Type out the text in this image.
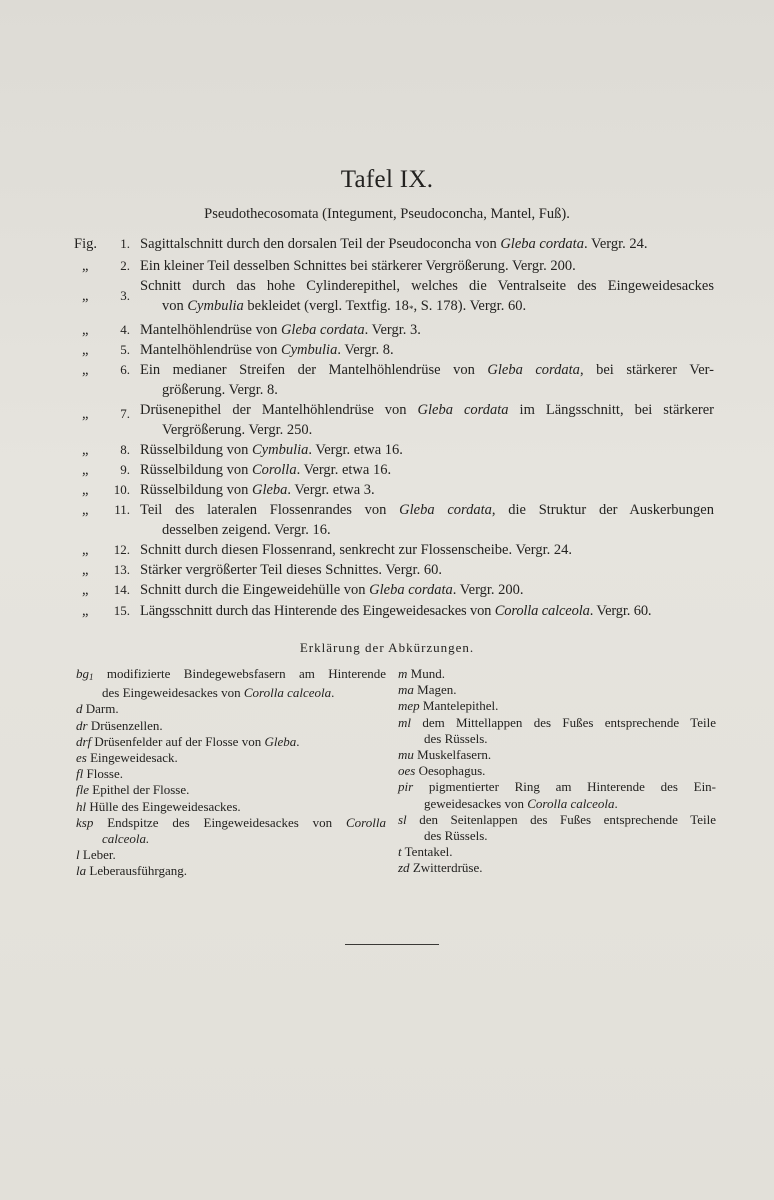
Tafel IX.
Pseudothecosomata (Integument, Pseudoconcha, Mantel, Fuß).
Fig.	1. Sagittalschnitt durch den dorsalen Teil der Pseudoconcha von Gleba cordata. Vergr. 24.
„	2. Ein kleiner Teil desselben Schnittes bei stärkerer Vergrößerung. Vergr. 200.
„	3.
Schnitt durch das hohe Cylinderepithel, welches die Ventralseite des Eingeweidesackes
von Cymbulia bekleidet (vergl. Textfig. $18_*$, S. 178). Vergr. 60.
„	4. Mantelhöhlendrüse von Gleba cordata. Vergr. 3.
„	5. Mantelhöhlendrüse von Cymbulia. Vergr. 8.
„	6. Ein medianer Streifen der Mantelhöhlendrüse von Gleba cordata, bei stärkerer Ver-
größerung. Vergr. 8.
„	7. Drüsenepithel der Mantelhöhlendrüse von Gleba cordata im Längsschnitt, bei stärkerer
Vergrößerung. Vergr. 250.
„	8. Rüsselbildung von Cymbulia. Vergr. etwa 16.
„	9. Rüsselbildung von Corolla. Vergr. etwa 16.
„	10. Rüsselbildung von Gleba. Vergr. etwa 3.
„	11. Teil des lateralen Flossenrandes von Gleba cordata, die Struktur der Auskerbungen
desselben zeigend. Vergr. 16.
„	12. Schnitt durch diesen Flossenrand, senkrecht zur Flossenscheibe. Vergr. 24.
„	13. Stärker vergrößerter Teil dieses Schnittes. Vergr. 60.
„	14. Schnitt durch die Eingeweidehülle von Gleba cordata. Vergr. 200.
„	15. Längsschnitt durch das Hinterende des Eingeweidesackes von Corolla calceola. Vergr. 60.
Erklärung der Abkürzungen.
$bg_1$ modifizierte Bindegewebsfasern am Hinterende
des Eingeweidesackes von Corolla calceola.
d Darm.
dr Drüsenzellen.
drf Drüsenfelder auf der Flosse von Gleba.
es Eingeweidesack.
fl Flosse.
fle Epithel der Flosse.
hl Hülle des Eingeweidesackes.
ksp Endspitze des Eingeweidesackes von Corolla
calceola.
l Leber.
la Leberausführgang.
m Mund.
ma Magen.
mep Mantelepithel.
ml dem Mittellappen des Fußes entsprechende Teile
des Rüssels.
mu Muskelfasern.
oes Oesophagus.
pir pigmentierter Ring am Hinterende des Ein-
geweidesackes von Corolla calceola.
sl den Seitenlappen des Fußes entsprechende Teile
des Rüssels.
t Tentakel.
zd Zwitterdrüse.
